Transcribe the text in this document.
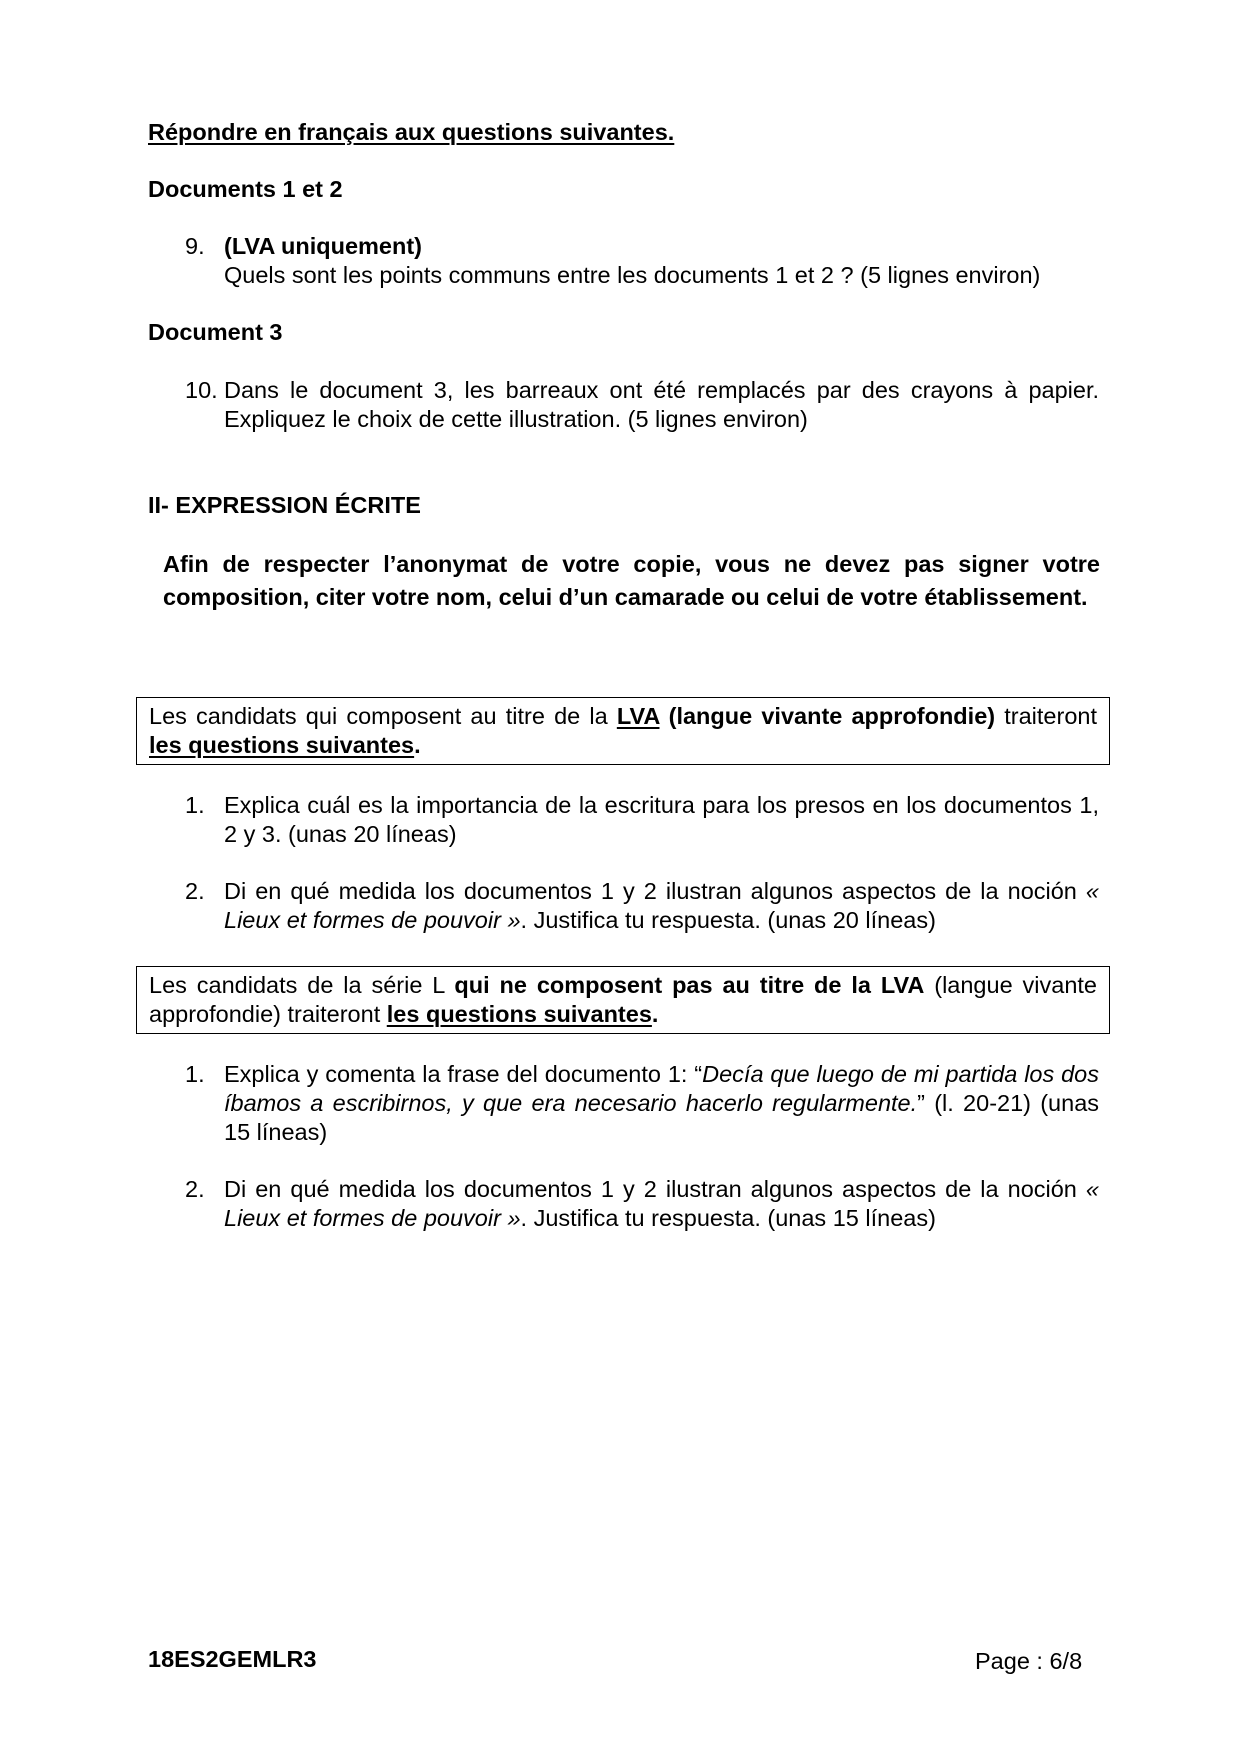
Répondre en français aux questions suivantes.
Documents 1 et 2
9. (LVA uniquement)
Quels sont les points communs entre les documents 1 et 2 ? (5 lignes environ)
Document 3
10. Dans le document 3, les barreaux ont été remplacés par des crayons à papier. Expliquez le choix de cette illustration. (5 lignes environ)
II- EXPRESSION ÉCRITE
Afin de respecter l’anonymat de votre copie, vous ne devez pas signer votre composition, citer votre nom, celui d’un camarade ou celui de votre établissement.
Les candidats qui composent au titre de la LVA (langue vivante approfondie) traiteront les questions suivantes.
1. Explica cuál es la importancia de la escritura para los presos en los documentos 1, 2 y 3. (unas 20 líneas)
2. Di en qué medida los documentos 1 y 2 ilustran algunos aspectos de la noción « Lieux et formes de pouvoir ». Justifica tu respuesta. (unas 20 líneas)
Les candidats de la série L qui ne composent pas au titre de la LVA (langue vivante approfondie) traiteront les questions suivantes.
1. Explica y comenta la frase del documento 1: “Decía que luego de mi partida los dos íbamos a escribirnos, y que era necesario hacerlo regularmente.” (l. 20-21) (unas 15 líneas)
2. Di en qué medida los documentos 1 y 2 ilustran algunos aspectos de la noción « Lieux et formes de pouvoir ». Justifica tu respuesta. (unas 15 líneas)
18ES2GEMLR3	Page : 6/8
